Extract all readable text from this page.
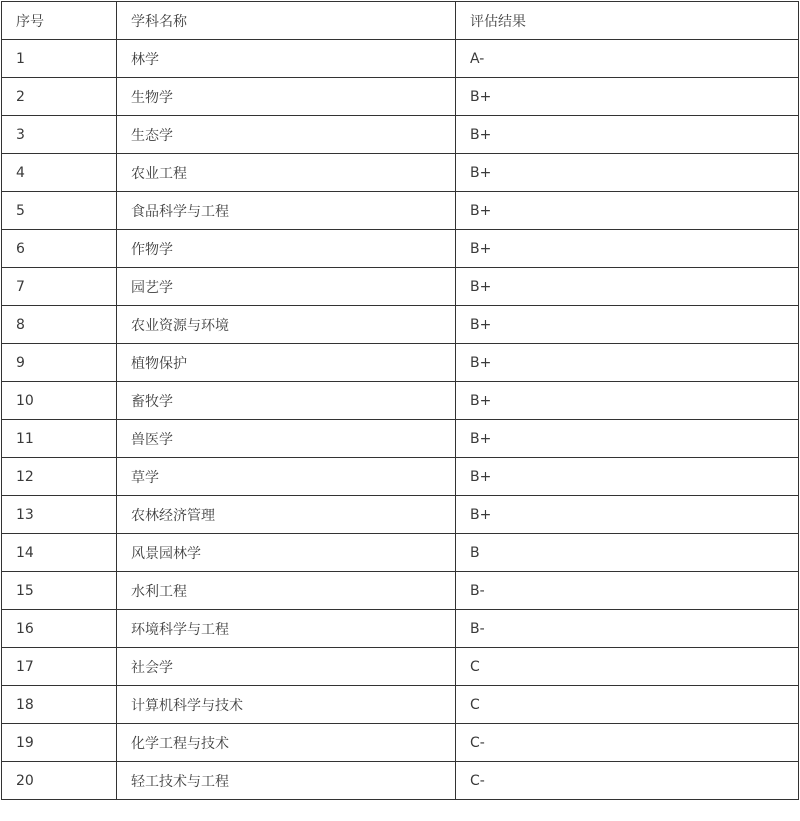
序号	学科名称	评估结果
1	林学	A-
2	生物学	B+
3	生态学	B+
4	农业工程	B+
5	食品科学与工程	B+
6	作物学	B+
7	园艺学	B+
8	农业资源与环境	B+
9	植物保护	B+
10	畜牧学	B+
11	兽医学	B+
12	草学	B+
13	农林经济管理	B+
14	风景园林学	B
15	水利工程	B-
16	环境科学与工程	B-
17	社会学	C
18	计算机科学与技术	C
19	化学工程与技术	C-
20	轻工技术与工程	C-
